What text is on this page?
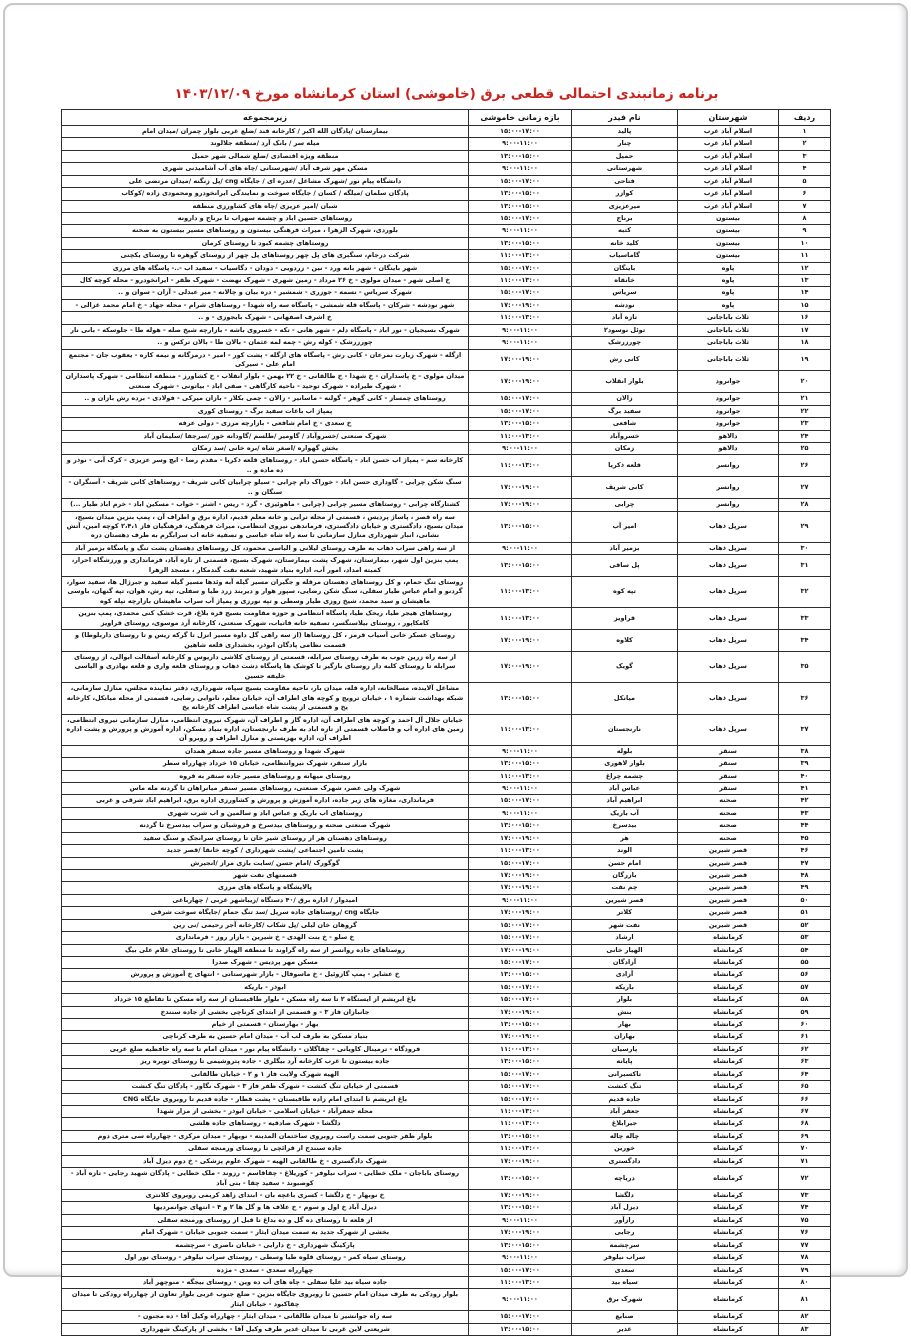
برنامه زمانبندی احتمالی قطعی برق (خاموشی) استان کرمانشاه مورخ ۱۴۰۳/۱۲/۰۹
ردیف	شهرستان	نام فیدر	بازه زمانی خاموشی	زیرمجموعه
۱	اسلام آباد غرب	پالید	۱۵:۰۰-۱۷:۰۰	بیمارستان /پادگان الله اکبر / کارخانه قند /ضلع غربی بلوار چمران /میدان امام
۲	اسلام آباد غرب	چنار	۹:۰۰-۱۱:۰۰	میله سر / بانک آرد /منطقه جلالوند
۳	اسلام آباد غرب	حمیل	۱۳:۰۰-۱۵:۰۰	منطقه ویژه اقتصادی /ضلع شمالی شهر حمیل
۴	اسلام آباد غرب	شهرستانی	۹:۰۰-۱۱:۰۰	مسکن مهر شرف آباد /شهرستانی /چاه های آب آشامیدنی شهری
۵	اسلام آباد غرب	فتاحی	۱۵:۰۰-۱۷:۰۰	دانشگاه پیام نور /شهرک مشاغل /عدره ای / جایگاه cng /پل زنگنه /میدان مرتضی علی
۶	اسلام آباد غرب	کوازر	۱۳:۰۰-۱۵:۰۰	پادگان سلمان /میلگه / کسان / جایگاه سوخت و نمایندگی ایرانخودرو ومحمودی زاده /کوکاب
۷	اسلام آباد غرب	میرعزیزی	۱۳:۰۰-۱۵:۰۰	شبان /امیر عزیزی /چاه های کشاورزی منطقه
۸	بیستون	برناج	۱۵:۰۰-۱۷:۰۰	روستاهای حسین اباد و چشمه سهراب تا برناج و دارونه
۹	بیستون	کتبه	۹:۰۰-۱۱:۰۰	بلوردی، شهرک الزهرا ، میراث فرهنگی بیستون و روستاهای مسیر بیستون به صحنه
۱۰	بیستون	کلید خانه	۱۳:۰۰-۱۵:۰۰	روستاهای چشمه کبود تا روستای کرمان
۱۱	بیستون	گاماسیاب	۱۱:۰۰-۱۳:۰۰	شرکت درجام، سنگبری های پل چهر روستاهای پل چهر از روستای گوهره تا روستای یکچنی
۱۲	پاوه	باینگان	۱۵:۰۰-۱۷:۰۰	شهر باینگان - شهر بانه ورد - نین - زردویی - دودان - دگاسیاب - سفید اب -..- پاسگاه های مرزی
۱۳	پاوه	خانقاه	۱۱:۰۰-۱۳:۰۰	خ اصلی شهر - میدان مولوی - خ ۲۶ مرداد - زمین شهری - شهرک نهضت - شهرک ظفر - ایرانخودرو - محله کوچه کال
۱۴	پاوه	سریاس	۱۵:۰۰-۱۷:۰۰	شهرک سریاس - نسمه - جوزری - شمشیر - دره بیان و چالانه - میر عبدلی - آزان - سوان و ..
۱۵	پاوه	نودشه	۱۷:۰۰-۱۹:۰۰	شهر نودشه - شرکان - پاسگاه قله شمشی - پاسگاه سه راه شهدا - روستاهای شرام - محله جهاد - خ امام محمد غزالی -
۱۶	ثلاث باباجانی	تازه آباد	۱۱:۰۰-۱۳:۰۰	خ اشرف اصفهانی - شهرک بایجوزی - و ..
۱۷	ثلاث باباجانی	توئل نوسود۲	۹:۰۰-۱۱:۰۰	شهرک بسیجیان - نور اباد - پاسگاه دلم - شهر هانی - تکه - خسروی باشه - بازارچه شیخ صله - هوله طا - جلوسکه - بانی نار
۱۸	ثلاث باباجانی	چورزرشک	۹:۰۰-۱۱:۰۰	چورزرشک - کوله رش - چمه لمه عثمان - بالان طا - بالان ترکس و ..
۱۹	ثلاث باباجانی	کانی رش	۱۷:۰۰-۱۹:۰۰	ازگله - شهرک زیارت نمرعان - کانی رش - پاسگاه های ازگله - پشت کور - امیر - درمزگانه و نیمه کاره - یعقوب جان - مجتمع امام علی - سیرکی
۲۰	جوانرود	بلوار انقلاب	۱۷:۰۰-۱۹:۰۰	میدان مولوی - خ پاسداران - خ شهدا - خ طالقانی - خ ۲۲ بهمن - بلوار انقلاب - خ کشاورز - منطقه انتظامی - شهرک پاسداران - شهرک طیراده - شهرک توحید - ناحیه کارگاهی - صفی اباد - بیاتونی - شهرک صنعتی
۲۱	جوانرود	زالان	۱۵:۰۰-۱۷:۰۰	روستاهای چمساز - کانی گوهر - گولنه - ماسانیر - زالان - چمی بکلار - بازان میرکی - فولادی - برده رش بازان و ..
۲۲	جوانرود	سفید برگ	۱۵:۰۰-۱۷:۰۰	پمپاژ اب باغات سفید برگ - روستای کوری
۲۳	جوانرود	شافعی	۱۳:۰۰-۱۵:۰۰	خ سعدی - خ امام شافعی - بازارچه مرزی - دولی عرفه
۲۴	دالاهو	خسروآباد	۱۱:۰۰-۱۳:۰۰	شهرک صنعتی /خسروآباد / گاومیر /طلسم /گاودانه خور /سرجفا /سلیمان آباد
۲۵	دالاهو	زمکان	۹:۰۰-۱۱:۰۰	بخش گهواره /اصغر شاه /بره خانی /سد زمکان
۲۶	روانسر	قلعه ذکریا	۱۱:۰۰-۱۳:۰۰	کارخانه سم - پمپاژ اب حسن اباد - پاسگاه حسن اباد - روستاهای قلعه ذکریا - مقدم رضا - ایچ وسر عزیزی - کرک آبی - نوذر و ده ماده و ..
۲۷	روانسر	کانی شریف	۱۷:۰۰-۱۹:۰۰	سنگ شکن چرابی - گاوداری حسن اباد - خوراک دام چرابی - سیلو چرابیان کانی شریف - روستاهای کانی شریف - آسنگران - سنگان و ..
۲۸	روانسر	چرابی	۱۷:۰۰-۱۹:۰۰	کشتارگاه چرابی - روستاهای مسیر چرابی (چرابی - ماهوئیزی - گرد - ریس - اشنر - خواب - مسکین اباد - خرم اباد طیار ...)
۲۹	سرپل ذهاب	امیر آب	۱۳:۰۰-۱۵:۰۰	سه راه قصر ، پاساژ پردیس ، قسمتی از محله ترابی و خانه معلم قدیم، اداره برق و اطراف آن ، پمپ بنزین میدان بسیج، میدان بسیج، دادگستری و خیابان دادگستری، فرماندهی نیروی انتظامی، میراث فرهنگی، فرهنگیان فاز ۲،۴،۱ کوچه امین، آتش نشانی، انبار شهرداری منازل سازمانی تا سه راه شاه عباسی و تصفیه خانه اب سرابگرم به طرف دهستان دره
۳۰	سرپل ذهاب	بزمیر آباد	۹:۰۰-۱۱:۰۰	از سه راهی سراب ذهاب به طرف روستای لیلانی و الیاسی محمود، کل روستاهای دهستان پشت تنگ و پاسگاه بزمیر آباد
۳۱	سرپل ذهاب	پل ساقی	۱۳:۰۰-۱۵:۰۰	پمپ بنزین اول شهر، بیمارستان، شهرک پشت بیمارستان، شهرک بسیج، قسمتی از تازه آباد، فرمانداری و ورزشگاه احرار، کمیته امداد، امور آب، اداره بنیاد شهید، شعبه نفت گندمکار ، مسجد الزهرا
۳۲	سرپل ذهاب	تپه کوه	۱۱:۰۰-۱۳:۰۰	روستای تنگ حمام، و کل روستاهای دهستان مرقله و جگیران مسیر گیله آبه وئدها مسیر گیله سفید و جبرژال ها، سفید سوار، گردنو و امام عباس طیار سفلی، سنگ شکن رضایی، سپور هوار و دیربند زرد طیا و سفلی، تپه رش، هوان، تپه گنهان، باوسی ماهیشان و سید محمد، شیخ روزی طیار وسطی و تپه نورزی و پمپاژ آب سراب ماهیشان بازارچه تپله کوه
۳۳	سرپل ذهاب	قراویز	۱۱:۰۰-۱۳:۰۰	روستاهای هیجر طیا، ریحک طیا، پاسگاه انتظامی و حوزه مقاومت بسیج قره بلاغ، قرت خشک کنی محمدی، پمپ بنزین کامکاپور ، روستای بیلاسنگسر، تصفیه خانه قاتیاب، شهرک صنعتی، کارخانه آرد موسوی، روستای قراویز
۳۴	سرپل ذهاب	کلاوه	۱۷:۰۰-۱۹:۰۰	روستای عسکر خانی آسیاب قرمز ، کل روستاها (از سه راهی گل داوه مسیر انزل تا گرکه ریس و تا روستای داربلوطا) و قسمت نظامی پادگان ابوذر، بخشداری قلعه شاهین
۳۵	سرپل ذهاب	گویک	۱۷:۰۰-۱۹:۰۰	از سه راه زرین جوب به طرف روستای سرابله، قسمتی از روستای کلاشی داریوس و کارخانه آسفالت ابوالی، از روستای سرابله تا روستای کلبه دار روستای بازگیر تا کوشک ها پاسگاه دشت ذهاب و روستای قلعه واری و قلعه بهادری و الیاسی خلیفه حسین
۳۶	سرپل ذهاب	میانکل	۱۳:۰۰-۱۵:۰۰	مشاغل آلاینده، مسالخانه، اداره قله، میدان بار، ناحیه مقاومت بسیج سپاه، شهرداری، دفتر نماینده مجلس، منازل سازمانی، شبکه بهداشت شماره ۱ ، خیابان ترویج و کوچه های اطراف آن، خیابان معلم، نانوایی رضایی، قسمتی از محله میانکل، کارخانه یخ و قسمتی از پشت شاه عباسی اطراف کارخانه یخ
۳۷	سرپل ذهاب	نارنجستان	۱۱:۰۰-۱۳:۰۰	خیابان جلال آل احمد و کوچه های اطراف آن، اداره گاز و اطراف آن، شهرک نیروی انتظامی، منازل سازمانی نیروی انتظامی، زمین های اداره آب و فاضلاب قسمتی از تازه اباد به طرف نارنجستان، اداره بنیاد مسکن، اداره آموزش و پرورش و پشت اداره اطراف آن، اداره بهزیستی و منازل اطراف و روبرو آن
۳۸	سنقر	بلوله	۹:۰۰-۱۱:۰۰	شهرک شهدا و روستاهای مسیر جاده سنقر همدان
۳۹	سنقر	بلوار لاهوری	۱۳:۰۰-۱۵:۰۰	بازار سنقر، شهرک نیروانتظامی، خیابان ۱۵ خرداد چهارراه سطر
۴۰	سنقر	چشمه چراغ	۱۱:۰۰-۱۳:۰۰	روستای میهانه و روستاهای مسیر جاده سنقر به قروه
۴۱	سنقر	عباس آباد	۹:۰۰-۱۱:۰۰	شهرک ولی عصر، شهرک صنعتی، روستاهای مسیر سنقر میانراهان تا گردنه مله ماس
۴۲	صحنه	ابراهیم آباد	۱۵:۰۰-۱۷:۰۰	فرمانداری، مغازه های زیر جاده، اداره آموزش و پرورش و کشاورزی اداره برق، ابراهیم اباد شرقی و غربی
۴۳	صحنه	آب باریک	۹:۰۰-۱۱:۰۰	روستاهای اب باریک و عباس اباد و سالمین و اب شرب شهری
۴۴	صحنه	بیدسرخ	۱۳:۰۰-۱۵:۰۰	شهرک صنعتی صحنه و روستاهای بیدسرخ و فروشیان و سراب بیدسرخ تا گردنه
۴۵	صحنه	هر	۱۷:۰۰-۱۹:۰۰	روستاهای دهستان هر از روستای شیر خان تا روستای سرانجک و سنگ سفید
۴۶	قصر شیرین	الوند	۱۱:۰۰-۱۳:۰۰	پشت تامین اجتماعی /پشت شهرداری / کوچه خانقا /قصر جدید
۴۷	قصر شیرین	امام حسن	۱۵:۰۰-۱۷:۰۰	گوگورک /امام حسن /سایت بازی مراز /انجیرش
۴۸	قصر شیرین	بازرگان	۱۷:۰۰-۱۹:۰۰	قسمتهای نفت شهر
۴۹	قصر شیرین	چم نفت	۱۷:۰۰-۱۹:۰۰	پالایشگاه و پاسگاه های مرزی
۵۰	قصر شیرین	قصر شیرین	۹:۰۰-۱۱:۰۰	امیدوار / اداره برق /۴۰ دستگاه /زیباشهر غربی / چهارباغی
۵۱	قصر شیرین	کلاتر	۱۷:۰۰-۱۹:۰۰	جایگاه cng /روستاهای جاده سرپل /سد تنگ حمام /جایگاه سوخت شرقی
۵۲	قصر شیرین	نفت شهر	۱۵:۰۰-۱۷:۰۰	گروهان خان لیلی /پل شکاب /کارخانه آجر رحیمی /نی رین
۵۳	کرمانشاه	ارشاد	۱۵:۰۰-۱۷:۰۰	خ سلو - خ بنت الهدی - خ شیرین - بازار روز - فرمانداری
۵۴	کرمانشاه	الهیار خانی	۱۷:۰۰-۱۹:۰۰	روستاهای جاده روانسر از سه راه گراوند تا منطقه الهیار خانی تا روستای غلام علی بیگ
۵۵	کرمانشاه	آزادگان	۱۵:۰۰-۱۷:۰۰	مسکن مهر پردیس - شهرک صدرا
۵۶	کرمانشاه	آزادی	۱۳:۰۰-۱۵:۰۰	خ عشایر - پمپ گازوئیل - خ ماسوفال - بازار شهرستانی - انتهای خ آموزش و پرورش
۵۷	کرمانشاه	باریکه	۱۵:۰۰-۱۷:۰۰	ابوذر - باریکه
۵۸	کرمانشاه	بلوار	۱۵:۰۰-۱۷:۰۰	باغ ابریشم از ایستگاه ۲ تا سه راه مسکن - بلوار طاقبستان از سه راه مسکن تا تقاطع ۱۵ خرداد
۵۹	کرمانشاه	بنش	۱۷:۰۰-۱۹:۰۰	جانبازان فاز ۳ - و قسمتی از ابتدای کرناچی بخشی از جاده سنندج
۶۰	کرمانشاه	بهار	۱۳:۰۰-۱۵:۰۰	بهار - بهارستان - قسمتی از خیام
۶۱	کرمانشاه	بهاران	۱۷:۰۰-۱۹:۰۰	بنیاد مسکن به طرف لب آب - میدان امام حسین به طرف کرناچی
۶۲	کرمانشاه	پارسیان	۱۱:۰۰-۱۳:۰۰	فرودگاه - ترمینال کاویانی - چقاگلان - دانشگاه پیام نور - میدان امام تا سه راه حافظیه ضلع غربی
۶۳	کرمانشاه	پایانه	۱۳:۰۰-۱۵:۰۰	جاده بیستون تا غرب کارخانه آرد بیگلری - جاده پتروشیمی تا روستای توبره ریز
۶۴	کرمانشاه	تاکسیرانی	۱۵:۰۰-۱۷:۰۰	الهیه شهرک ولایت فاز ۱ و ۲ - خیابان طالقانی
۶۵	کرمانشاه	تنگ کنشت	۱۵:۰۰-۱۷:۰۰	قسمتی از خیابان تنگ کنشت - شهرک ظفر فاز ۳ - شهرک نگاور - پادگان تنگ کنشت
۶۶	کرمانشاه	جاده قدیم	۱۵:۰۰-۱۷:۰۰	باغ ابریشم تا ابتدای امام زاده طاقبستان - پشت قطار - جاده قدیم تا روبروی جایگاه CNG
۶۷	کرمانشاه	جعفر آباد	۱۱:۰۰-۱۳:۰۰	محله جعفرآباد - خیابان اسلامی - خیابان ابوذر - بخشی از مزار شهدا
۶۸	کرمانشاه	جیرابلاغ	۱۱:۰۰-۱۳:۰۰	دلگشا - شهرک صادقیه - روستاهای جاده هلشی
۶۹	کرمانشاه	چاله چاله	۱۳:۰۰-۱۵:۰۰	بلوار ظفر جنوبی سمت راست روبروی ساختمان المدینه - نوبهار - میدان مرکزی - چهارراه سی متری دوم
۷۰	کرمانشاه	خورین	۱۱:۰۰-۱۳:۰۰	جاده سنندج از قرائچی تا روستای ورمنجه سفلی
۷۱	کرمانشاه	دادگستری	۱۷:۰۰-۱۹:۰۰	شهرک دادگستری - خ طالقانی الهیه - شهرک علوم پزشکی - خ دوم دیزل آباد
۷۲	کرمانشاه	دریاچه	۱۳:۰۰-۱۵:۰۰	روستای باباجان - ملک خطایی - سراب نیلوفر - کوریلاغ - چقاقاسم - رزوند - ملک خطایی - پادگان شهید رجایی - تازه آباد - کوصبوند - سفید چقا - بنی آباد
۷۳	کرمانشاه	دلگشا	۱۷:۰۰-۱۹:۰۰	خ نوبهار - خ دلگشا - کسری باغچه بان - ابتدای زاهد کریمی روبروی کلانتری
۷۴	کرمانشاه	دیزل آباد	۱۳:۰۰-۱۵:۰۰	دیزل آباد خ اول و سوم - خ علاف ها و گل ها ۲ و ۴ - انتهای جوانمردیها
۷۵	کرمانشاه	رازآور	۹:۰۰-۱۱:۰۰	از قلعه تا روستای ده گل و ده بداغ تا قبل از روستای ورمنجه سفلی
۷۶	کرمانشاه	رجایی	۱۷:۰۰-۱۹:۰۰	بخشی از شهرک جدید به سمت میدان ایثار - سمت جنوبی خیابان - شهرک امام
۷۷	کرمانشاه	سرچشمه	۱۳:۰۰-۱۵:۰۰	پارکینگ شهرداری - خ دارایی - خیابان ناصری - سرچشمه
۷۸	کرمانشاه	سراب نیلوفر	۹:۰۰-۱۱:۰۰	روستای سیاه کمر - روستای قلوه طیا وسطی - روستای سراب نیلوفر - روستای نور اول
۷۹	کرمانشاه	سعدی	۱۵:۰۰-۱۷:۰۰	چهارراه سعدی - سعدی - مژده
۸۰	کرمانشاه	سیاه بید	۱۱:۰۰-۱۳:۰۰	جاده سیاه بید علیا سفلی - چاه های آب ده وین - روستای بیجگه - منوچهر آباد
۸۱	کرمانشاه	شهرک برق	۹:۰۰-۱۱:۰۰	بلوار رودکی به طرف میدان امام حسین تا روبروی جایگاه بنزین - ضلع جنوب غربی بلوار تعاون از چهارراه رودکی تا میدان چقاکبود - خیابان ایثار
۸۲	کرمانشاه	صنایع	۱۵:۰۰-۱۷:۰۰	سه راه جوانشیر تا میدان طالقانی - میدان ایثار - چهارراه وکیل آقا - ده مجنون -
۸۳	کرمانشاه	غدیر	۱۳:۰۰-۱۵:۰۰	شریعتی لاین غربی تا میدان غدیر طرف وکیل آقا - بخشی از پارکینگ شهرداری
